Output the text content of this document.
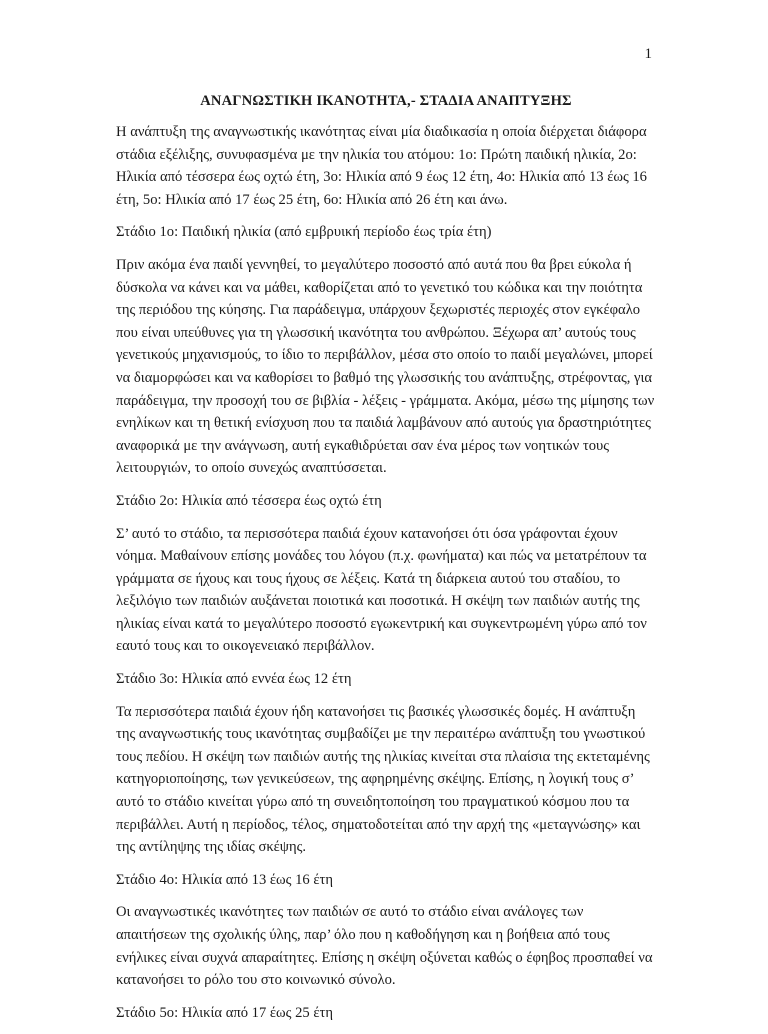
1
ΑΝΑΓΝΩΣΤΙΚΗ ΙΚΑΝΟΤΗΤΑ,- ΣΤΑΔΙΑ ΑΝΑΠΤΥΞΗΣ

Η ανάπτυξη της αναγνωστικής ικανότητας είναι μία διαδικασία η οποία διέρχεται διάφορα στάδια εξέλιξης, συνυφασμένα με την ηλικία του ατόμου: 1ο: Πρώτη παιδική ηλικία, 2ο: Ηλικία από τέσσερα έως οχτώ έτη, 3ο: Ηλικία από 9 έως 12 έτη, 4ο: Ηλικία από 13 έως 16 έτη, 5ο: Ηλικία από 17 έως 25 έτη, 6ο: Ηλικία από 26 έτη και άνω.

Στάδιο 1ο: Παιδική ηλικία (από εμβρυική περίοδο έως τρία έτη)

Πριν ακόμα ένα παιδί γεννηθεί, το μεγαλύτερο ποσοστό από αυτά που θα βρει εύκολα ή δύσκολα να κάνει και να μάθει, καθορίζεται από το γενετικό του κώδικα και την ποιότητα της περιόδου της κύησης. Για παράδειγμα, υπάρχουν ξεχωριστές περιοχές στον εγκέφαλο που είναι υπεύθυνες για τη γλωσσική ικανότητα του ανθρώπου. Ξέχωρα απ’ αυτούς τους γενετικούς μηχανισμούς, το ίδιο το περιβάλλον, μέσα στο οποίο το παιδί μεγαλώνει, μπορεί να διαμορφώσει και να καθορίσει το βαθμό της γλωσσικής του ανάπτυξης, στρέφοντας, για παράδειγμα, την προσοχή του σε βιβλία - λέξεις - γράμματα. Ακόμα, μέσω της μίμησης των ενηλίκων και τη θετική ενίσχυση που τα παιδιά λαμβάνουν από αυτούς για δραστηριότητες αναφορικά με την ανάγνωση, αυτή εγκαθιδρύεται σαν ένα μέρος των νοητικών τους λειτουργιών, το οποίο συνεχώς αναπτύσσεται.

Στάδιο 2ο: Ηλικία από τέσσερα έως οχτώ έτη

Σ’ αυτό το στάδιο, τα περισσότερα παιδιά έχουν κατανοήσει ότι όσα γράφονται έχουν νόημα. Μαθαίνουν επίσης μονάδες του λόγου (π.χ. φωνήματα) και πώς να μετατρέπουν τα γράμματα σε ήχους και τους ήχους σε λέξεις. Κατά τη διάρκεια αυτού του σταδίου, το λεξιλόγιο των παιδιών αυξάνεται ποιοτικά και ποσοτικά. Η σκέψη των παιδιών αυτής της ηλικίας είναι κατά το μεγαλύτερο ποσοστό εγωκεντρική και συγκεντρωμένη γύρω από τον εαυτό τους και το οικογενειακό περιβάλλον.

Στάδιο 3ο: Ηλικία από εννέα έως 12 έτη

Τα περισσότερα παιδιά έχουν ήδη κατανοήσει τις βασικές γλωσσικές δομές. Η ανάπτυξη της αναγνωστικής τους ικανότητας συμβαδίζει με την περαιτέρω ανάπτυξη του γνωστικού τους πεδίου. Η σκέψη των παιδιών αυτής της ηλικίας κινείται στα πλαίσια της εκτεταμένης κατηγοριοποίησης, των γενικεύσεων, της αφηρημένης σκέψης. Επίσης, η λογική τους σ’ αυτό το στάδιο κινείται γύρω από τη συνειδητοποίηση του πραγματικού κόσμου που τα περιβάλλει. Αυτή η περίοδος, τέλος, σηματοδοτείται από την αρχή της «μεταγνώσης» και της αντίληψης της ιδίας σκέψης.

Στάδιο 4ο: Ηλικία από 13 έως 16 έτη

Οι αναγνωστικές ικανότητες των παιδιών σε αυτό το στάδιο είναι ανάλογες των απαιτήσεων της σχολικής ύλης, παρ’ όλο που η καθοδήγηση και η βοήθεια από τους ενήλικες είναι συχνά απαραίτητες. Επίσης η σκέψη οξύνεται καθώς ο έφηβος προσπαθεί να κατανοήσει το ρόλο του στο κοινωνικό σύνολο.

Στάδιο 5ο: Ηλικία από 17 έως 25 έτη
